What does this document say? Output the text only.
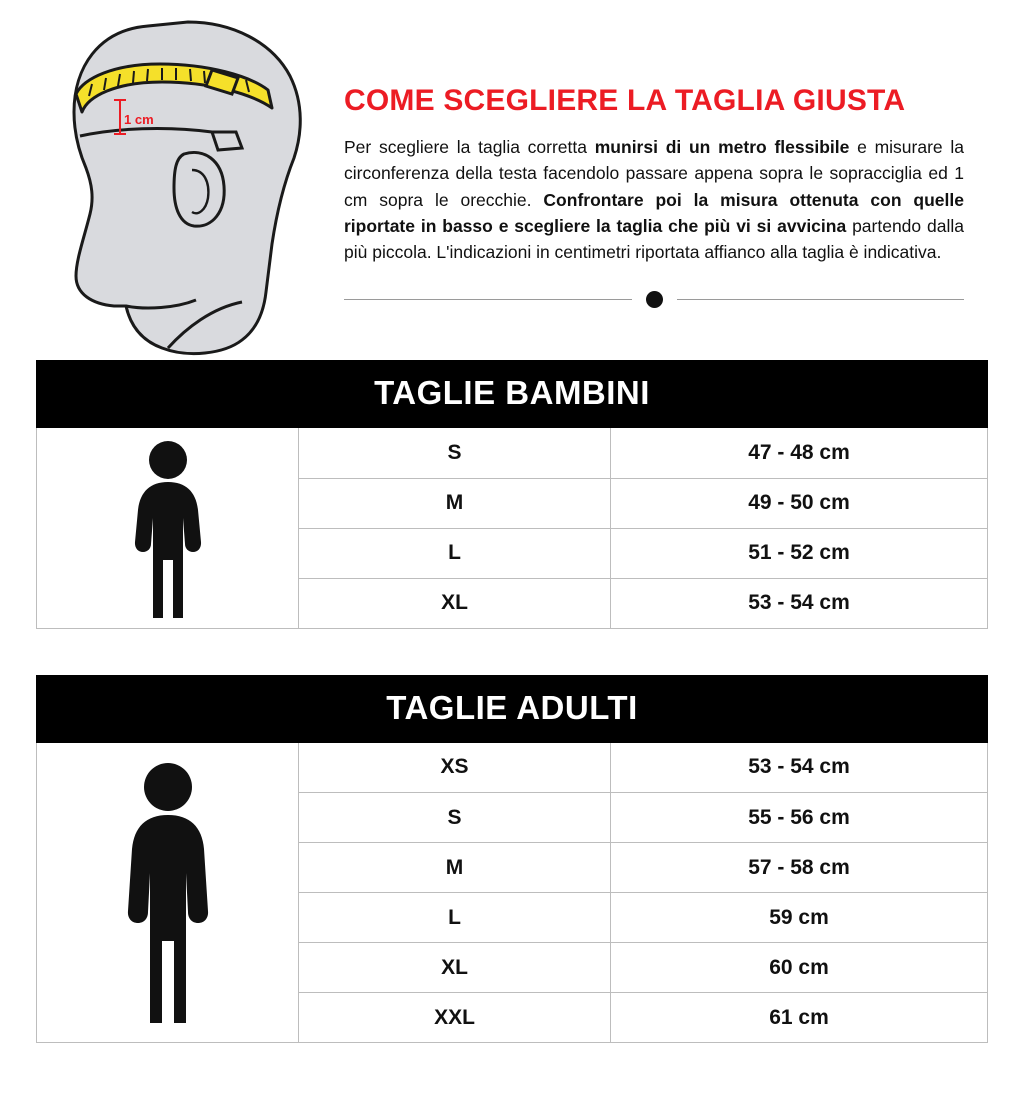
1 cm
COME SCEGLIERE LA TAGLIA GIUSTA

Per scegliere la taglia corretta munirsi di un metro flessibile e misurare la circonferenza della testa facendolo passare appena sopra le sopracciglia ed 1 cm sopra le orecchie. Confrontare poi la misura ottenuta con quelle riportate in basso e scegliere la taglia che più vi si avvicina partendo dalla più piccola. L'indicazioni in centimetri riportata affiancо alla taglia è indicativa.

TAGLIE BAMBINI
	S	47 - 48 cm
	M	49 - 50 cm
	L	51 - 52 cm
	XL	53 - 54 cm
TAGLIE ADULTI
	XS	53 - 54 cm
	S	55 - 56 cm
	M	57 - 58 cm
	L	59 cm
	XL	60 cm
	XXL	61 cm
